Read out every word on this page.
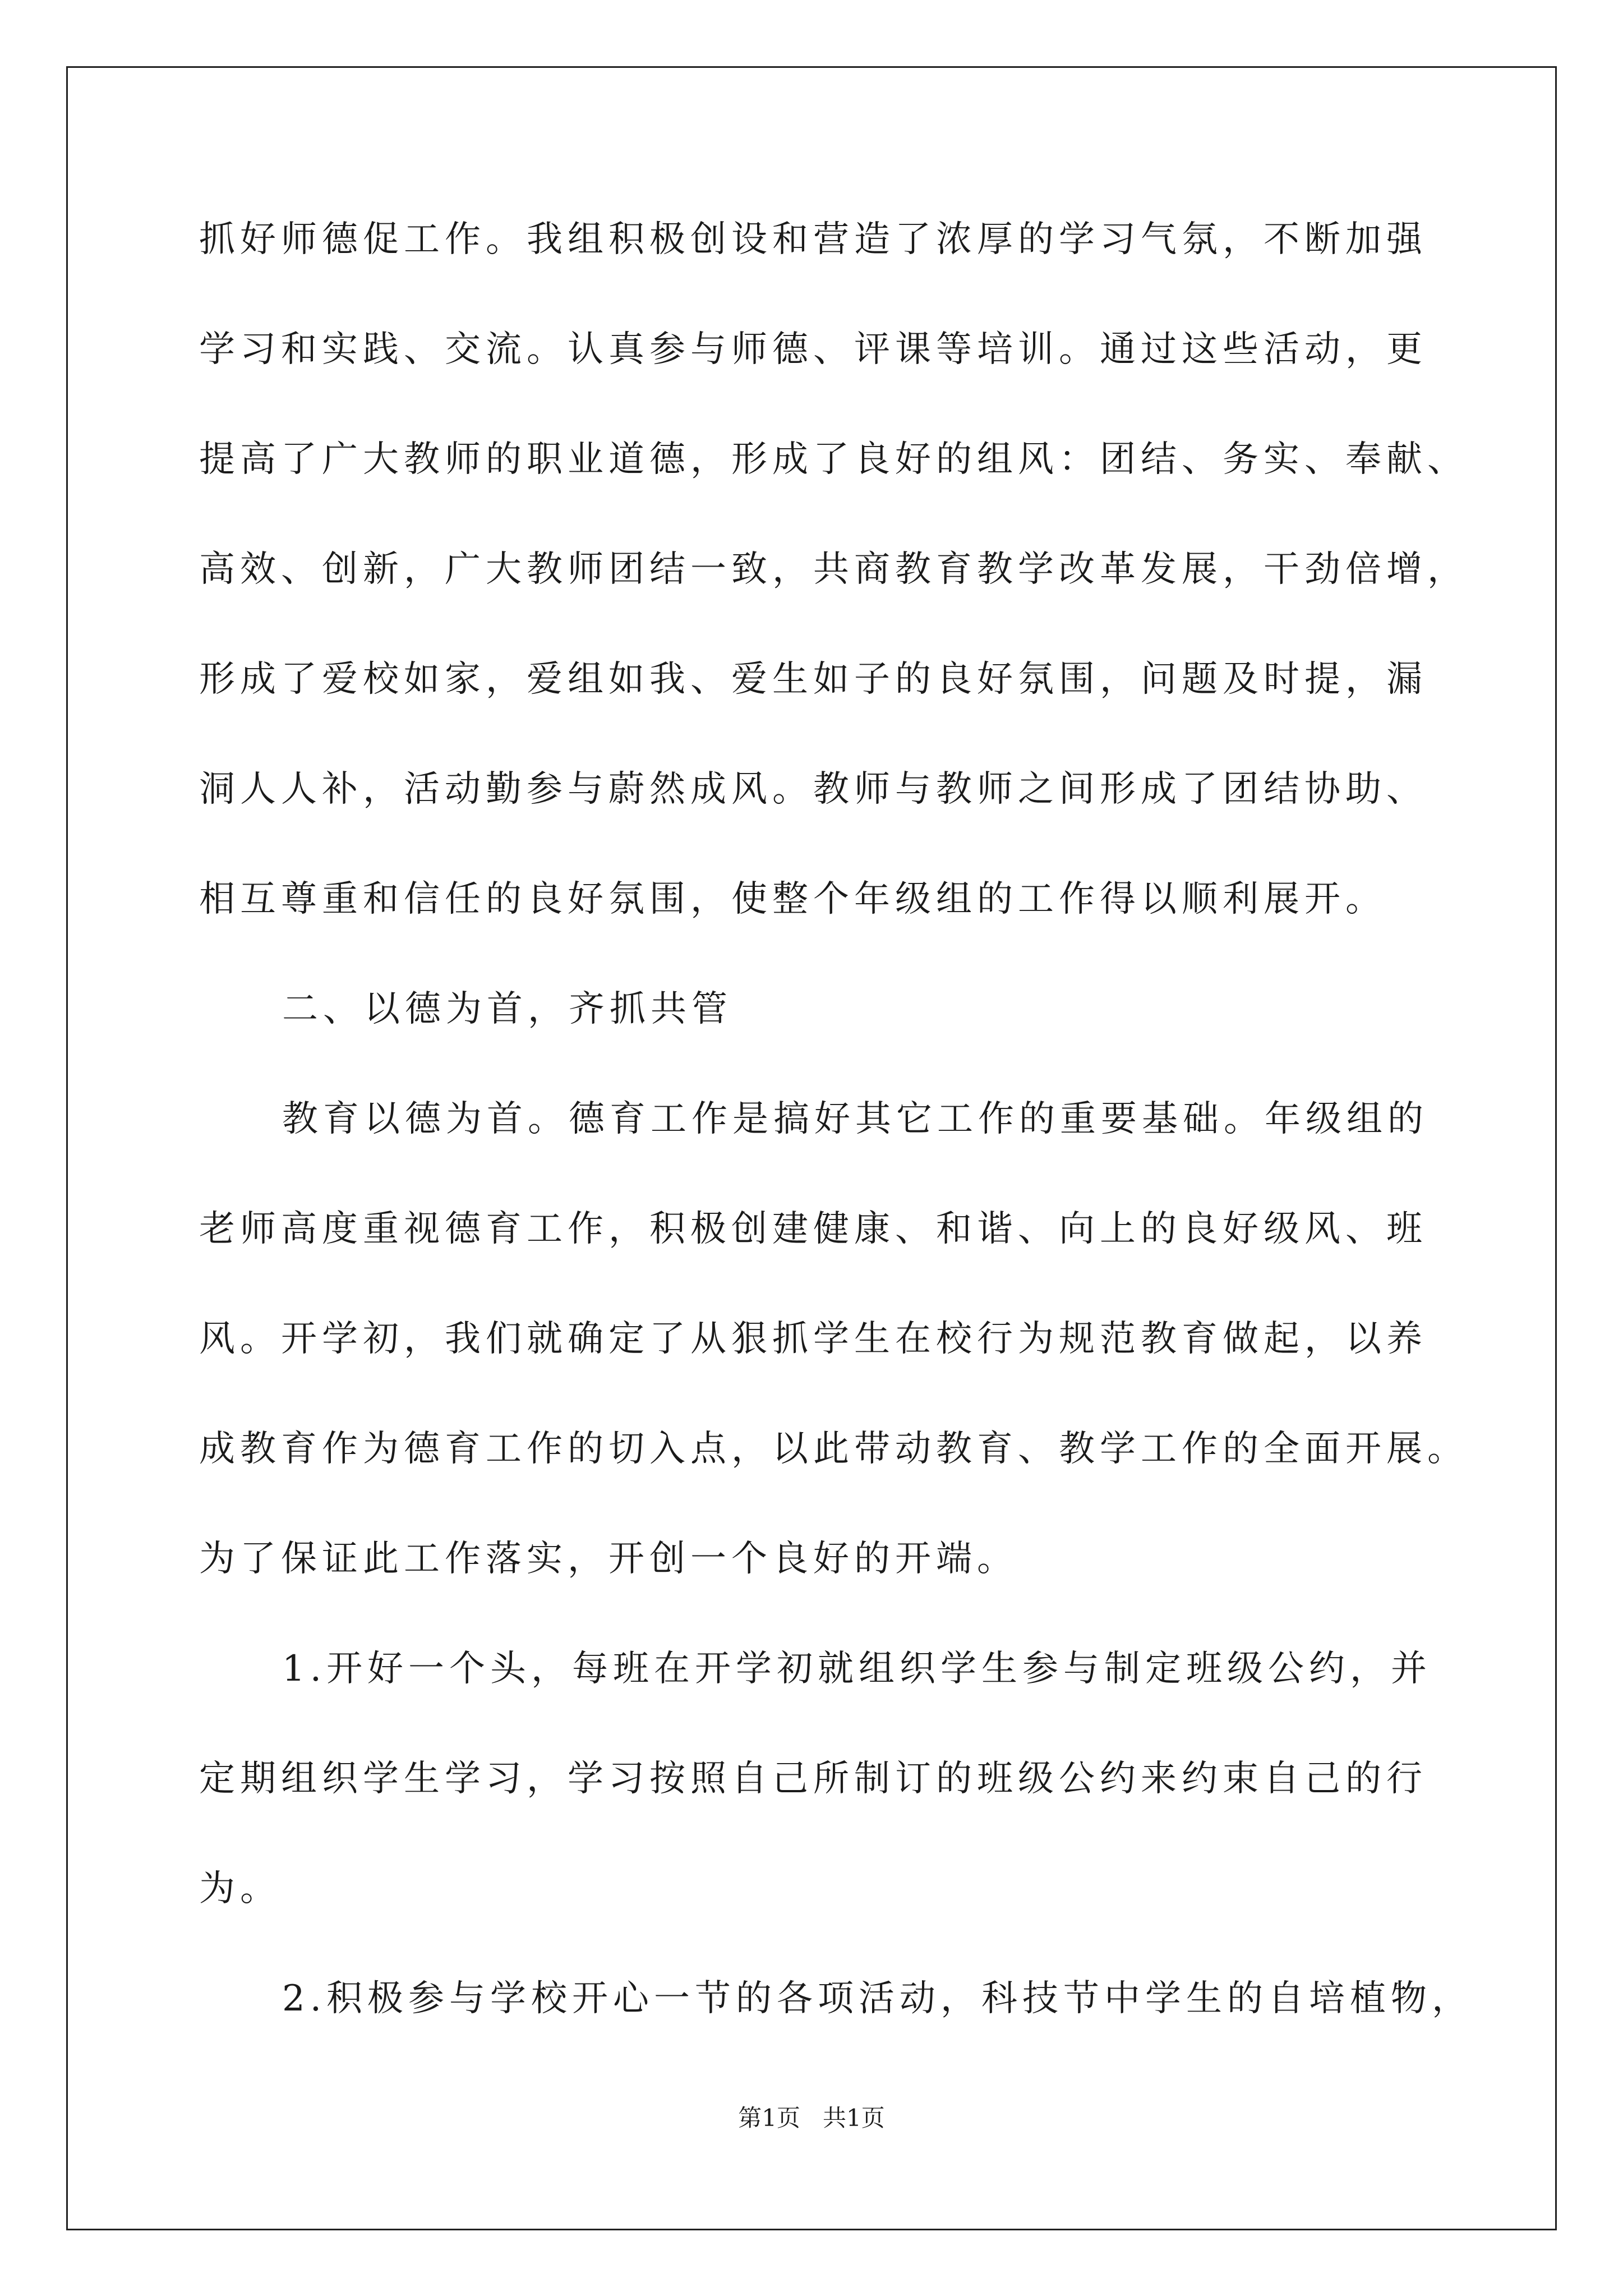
抓好师德促工作。我组积极创设和营造了浓厚的学习气氛，不断加强
学习和实践、交流。认真参与师德、评课等培训。通过这些活动，更
提高了广大教师的职业道德，形成了良好的组风：团结、务实、奉献、
高效、创新，广大教师团结一致，共商教育教学改革发展，干劲倍增，
形成了爱校如家，爱组如我、爱生如子的良好氛围，问题及时提，漏
洞人人补，活动勤参与蔚然成风。教师与教师之间形成了团结协助、
相互尊重和信任的良好氛围，使整个年级组的工作得以顺利展开。
二、以德为首，齐抓共管
教育以德为首。德育工作是搞好其它工作的重要基础。年级组的
老师高度重视德育工作，积极创建健康、和谐、向上的良好级风、班
风。开学初，我们就确定了从狠抓学生在校行为规范教育做起，以养
成教育作为德育工作的切入点，以此带动教育、教学工作的全面开展。
为了保证此工作落实，开创一个良好的开端。
1.开好一个头，每班在开学初就组织学生参与制定班级公约，并
定期组织学生学习，学习按照自己所制订的班级公约来约束自己的行
为。
2.积极参与学校开心一节的各项活动，科技节中学生的自培植物，
第1页   共1页
